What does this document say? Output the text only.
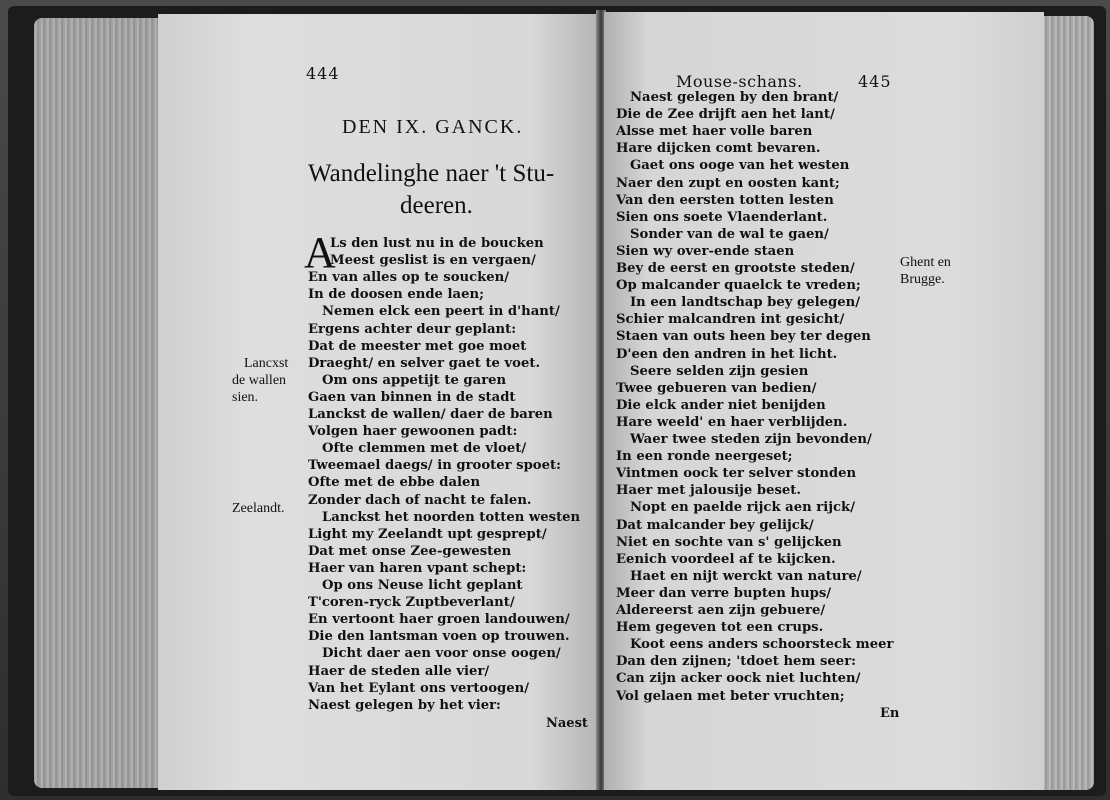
444
DEN IX. GANCK.
Wandelinghe naer 't Stu-
deeren.
A
Ls den lust nu in de boucken
Meest geslist is en vergaen/
En van alles op te soucken/
In de doosen ende laen;
Nemen elck een peert in d'hant/
Ergens achter deur geplant:
Dat de meester met goe moet
Draeght/ en selver gaet te voet.
Om ons appetijt te garen
Gaen van binnen in de stadt
Lanckst de wallen/ daer de baren
Volgen haer gewoonen padt:
Ofte clemmen met de vloet/
Tweemael daegs/ in grooter spoet:
Ofte met de ebbe dalen
Zonder dach of nacht te falen.
Lanckst het noorden totten westen
Light my Zeelandt upt gesprept/
Dat met onse Zee-gewesten
Haer van haren vpant schept:
Op ons Neuse licht geplant
T'coren-ryck Zuptbeverlant/
En vertoont haer groen landouwen/
Die den lantsman voen op trouwen.
Dicht daer aen voor onse oogen/
Haer de steden alle vier/
Van het Eylant ons vertoogen/
Naest gelegen by het vier:
Naest
Lancxst
de wallen
sien.
Zeelandt.
Mouse-schans.	445
Naest gelegen by den brant/
Die de Zee drijft aen het lant/
Alsse met haer volle baren
Hare dijcken comt bevaren.
Gaet ons ooge van het westen
Naer den zupt en oosten kant;
Van den eersten totten lesten
Sien ons soete Vlaenderlant.
Sonder van de wal te gaen/
Sien wy over-ende staen
Bey de eerst en grootste steden/
Op malcander quaelck te vreden;
In een landtschap bey gelegen/
Schier malcandren int gesicht/
Staen van outs heen bey ter degen
D'een den andren in het licht.
Seere selden zijn gesien
Twee gebueren van bedien/
Die elck ander niet benijden
Hare weeld' en haer verblijden.
Waer twee steden zijn bevonden/
In een ronde neergeset;
Vintmen oock ter selver stonden
Haer met jalousije beset.
Nopt en paelde rijck aen rijck/
Dat malcander bey gelijck/
Niet en sochte van s' gelijcken
Eenich voordeel af te kijcken.
Haet en nijt werckt van nature/
Meer dan verre bupten hups/
Aldereerst aen zijn gebuere/
Hem gegeven tot een crups.
Koot eens anders schoorsteck meer
Dan den zijnen; 'tdoet hem seer:
Can zijn acker oock niet luchten/
Vol gelaen met beter vruchten;
Ghent en
Brugge.
En
